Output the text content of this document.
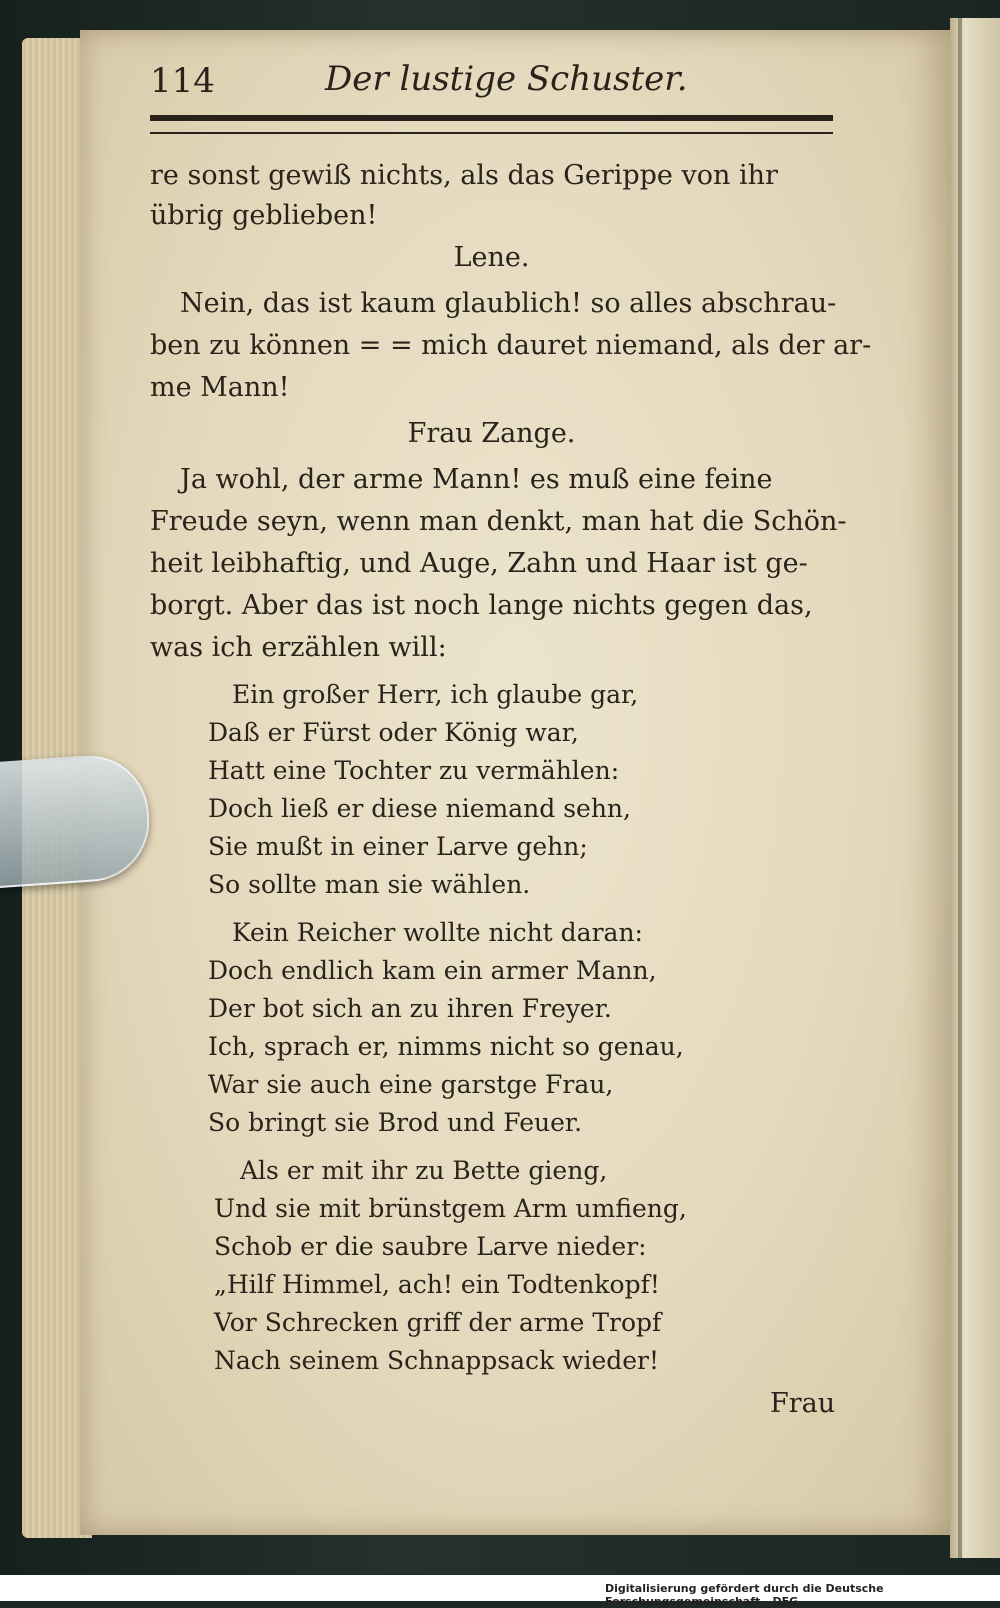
114	Der lustige Schuster.
re sonst gewiß nichts, als das Gerippe von ihr
übrig geblieben!
Lene.
Nein, das ist kaum glaublich! so alles abschrau-
ben zu können = = mich dauret niemand, als der ar-
me Mann!
Frau Zange.
Ja wohl, der arme Mann! es muß eine feine
Freude seyn, wenn man denkt, man hat die Schön-
heit leibhaftig, und Auge, Zahn und Haar ist ge-
borgt. Aber das ist noch lange nichts gegen das,
was ich erzählen will:
Ein großer Herr, ich glaube gar,
Daß er Fürst oder König war,
Hatt eine Tochter zu vermählen:
Doch ließ er diese niemand sehn,
Sie mußt in einer Larve gehn;
So sollte man sie wählen.
Kein Reicher wollte nicht daran:
Doch endlich kam ein armer Mann,
Der bot sich an zu ihren Freyer.
Ich, sprach er, nimms nicht so genau,
War sie auch eine garstge Frau,
So bringt sie Brod und Feuer.
Als er mit ihr zu Bette gieng,
Und sie mit brünstgem Arm umfieng,
Schob er die saubre Larve nieder:
„Hilf Himmel, ach! ein Todtenkopf!
Vor Schrecken griff der arme Tropf
Nach seinem Schnappsack wieder!
Frau
Digitalisierung gefördert durch die Deutsche Forschungsgemeinschaft - DFG
